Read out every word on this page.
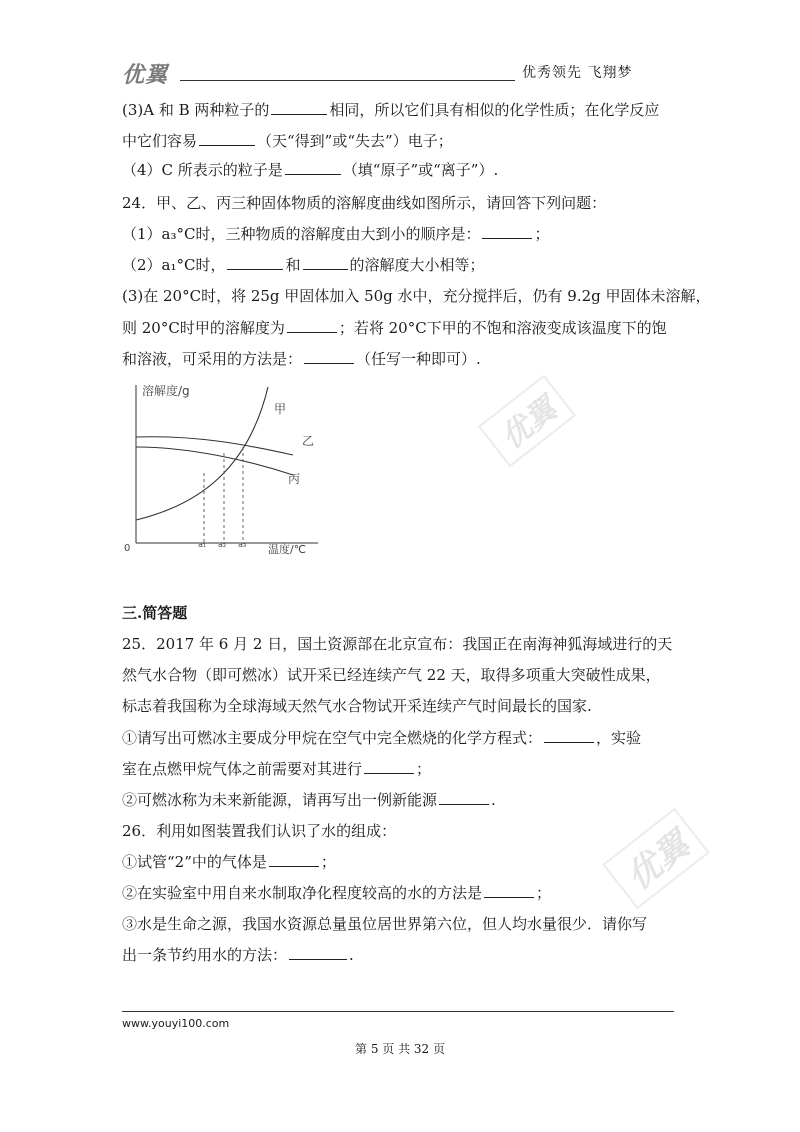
优翼	优秀领先 飞翔梦
(3)A 和 B 两种粒子的	相同，所以它们具有相似的化学性质；在化学反应
中它们容易	（天“得到”或“失去”）电子；
（4）C 所表示的粒子是	（填“原子”或“离子”）.
24．甲、乙、丙三种固体物质的溶解度曲线如图所示，请回答下列问题：
（1）a₃°C时，三种物质的溶解度由大到小的顺序是：	；
（2）a₁°C时，	和	的溶解度大小相等；
(3)在 20°C时，将 25g 甲固体加入 50g 水中，充分搅拌后，仍有 9.2g 甲固体未溶解，
则 20°C时甲的溶解度为	；若将 20°C下甲的不饱和溶液变成该温度下的饱
和溶液，可采用的方法是：	（任写一种即可）.
溶解度/g
温度/℃
0	a₁ a₂ a₃
甲
乙
丙
优翼
优翼
三.简答题
25．2017 年 6 月 2 日，国土资源部在北京宣布：我国正在南海神狐海域进行的天
然气水合物（即可燃冰）试开采已经连续产气 22 天，取得多项重大突破性成果，
标志着我国称为全球海域天然气水合物试开采连续产气时间最长的国家.
①请写出可燃冰主要成分甲烷在空气中完全燃烧的化学方程式：	，实验
室在点燃甲烷气体之前需要对其进行	；
②可燃冰称为未来新能源，请再写出一例新能源	.
26．利用如图装置我们认识了水的组成：
①试管“2”中的气体是	；
②在实验室中用自来水制取净化程度较高的水的方法是	；
③水是生命之源，我国水资源总量虽位居世界第六位，但人均水量很少．请你写
出一条节约用水的方法：	.
www.youyi100.com
第 5 页 共 32 页
